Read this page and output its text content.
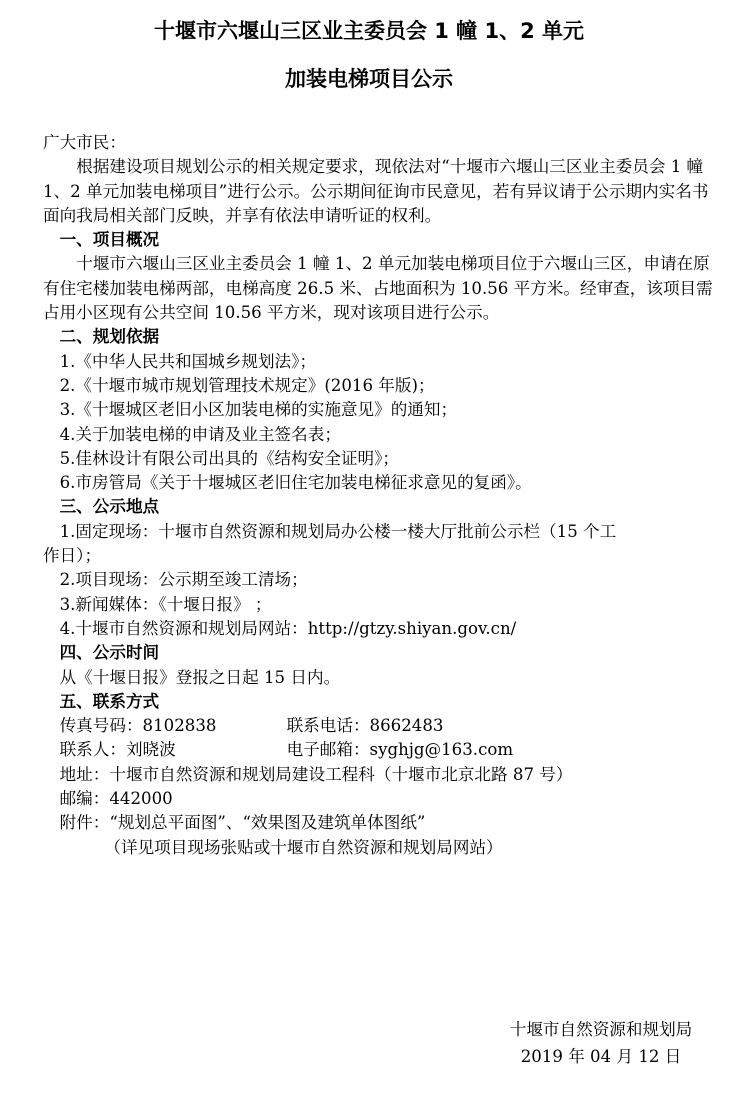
十堰市六堰山三区业主委员会 1 幢 1、2 单元
加装电梯项目公示

广大市民：

根据建设项目规划公示的相关规定要求，现依法对“十堰市六堰山三区业主委员会 1 幢 1、2 单元加装电梯项目”进行公示。公示期间征询市民意见，若有异议请于公示期内实名书面向我局相关部门反映，并享有依法申请听证的权利。

一、项目概况

十堰市六堰山三区业主委员会 1 幢 1、2 单元加装电梯项目位于六堰山三区，申请在原有住宅楼加装电梯两部，电梯高度 26.5 米、占地面积为 10.56 平方米。经审查，该项目需占用小区现有公共空间 10.56 平方米，现对该项目进行公示。

二、规划依据

1.《中华人民共和国城乡规划法》；

2.《十堰市城市规划管理技术规定》(2016 年版)；

3.《十堰城区老旧小区加装电梯的实施意见》的通知；

4.关于加装电梯的申请及业主签名表；

5.佳林设计有限公司出具的《结构安全证明》；

6.市房管局《关于十堰城区老旧住宅加装电梯征求意见的复函》。

三、公示地点

1.固定现场：十堰市自然资源和规划局办公楼一楼大厅批前公示栏（15 个工

作日）；

2.项目现场：公示期至竣工清场；

3.新闻媒体：《十堰日报》 ；

4.十堰市自然资源和规划局网站：http://gtzy.shiyan.gov.cn/

四、公示时间

从《十堰日报》登报之日起 15 日内。

五、联系方式

传真号码：8102838	联系电话：8662483
联系人：刘晓波	电子邮箱：syghjg@163.com

地址：十堰市自然资源和规划局建设工程科（十堰市北京北路 87 号）

邮编：442000

附件：“规划总平面图”、“效果图及建筑单体图纸”

（详见项目现场张贴或十堰市自然资源和规划局网站）

十堰市自然资源和规划局
2019 年 04 月 12 日
